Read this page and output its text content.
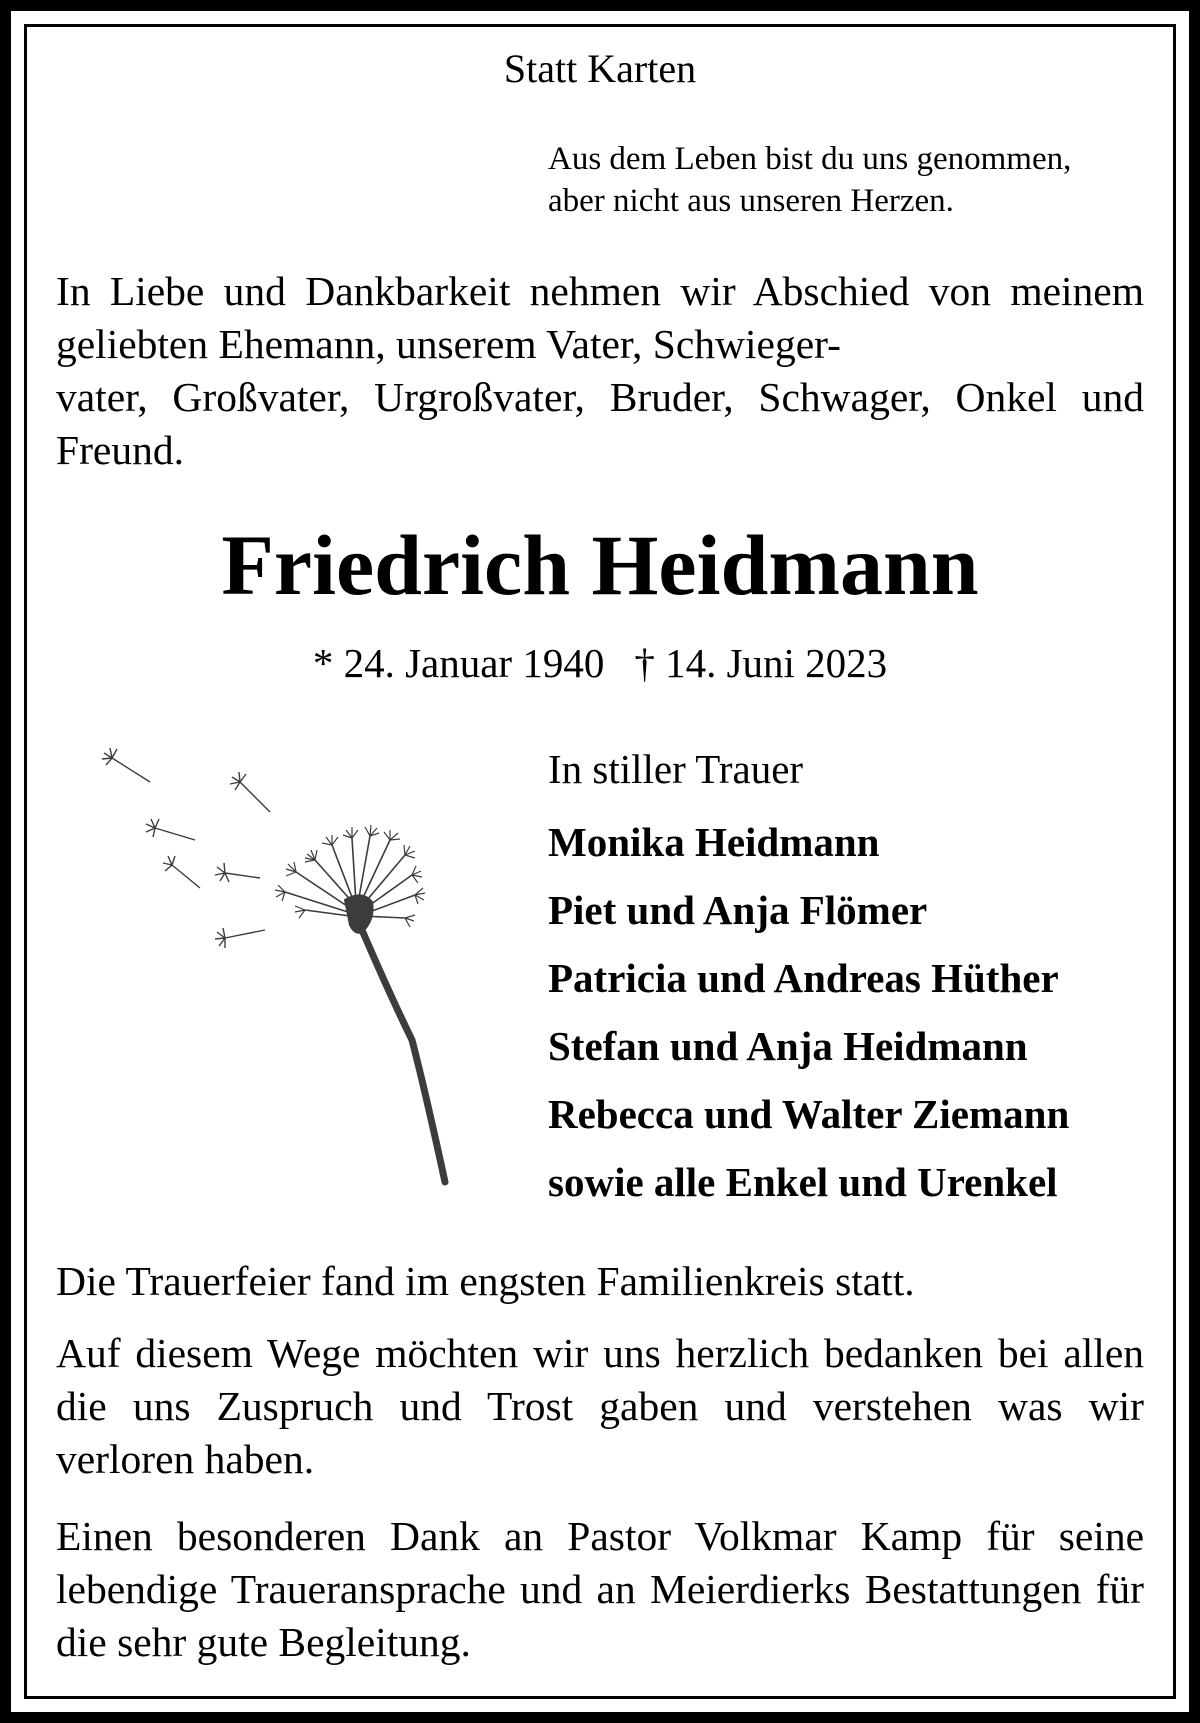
Statt Karten
Aus dem Leben bist du uns genommen,
aber nicht aus unseren Herzen.
In Liebe und Dankbarkeit nehmen wir Abschied von meinem geliebten Ehemann, unserem Vater, Schwieger-
vater, Großvater, Urgroßvater, Bruder, Schwager, Onkel und Freund.
Friedrich Heidmann
* 24. Januar 1940 † 14. Juni 2023
In stiller Trauer
Monika Heidmann
Piet und Anja Flömer
Patricia und Andreas Hüther
Stefan und Anja Heidmann
Rebecca und Walter Ziemann
sowie alle Enkel und Urenkel
Die Trauerfeier fand im engsten Familienkreis statt.
Auf diesem Wege möchten wir uns herzlich bedanken bei allen die uns Zuspruch und Trost gaben und verstehen was wir verloren haben.
Einen besonderen Dank an Pastor Volkmar Kamp für seine lebendige Traueransprache und an Meierdierks Bestattungen für die sehr gute Begleitung.
